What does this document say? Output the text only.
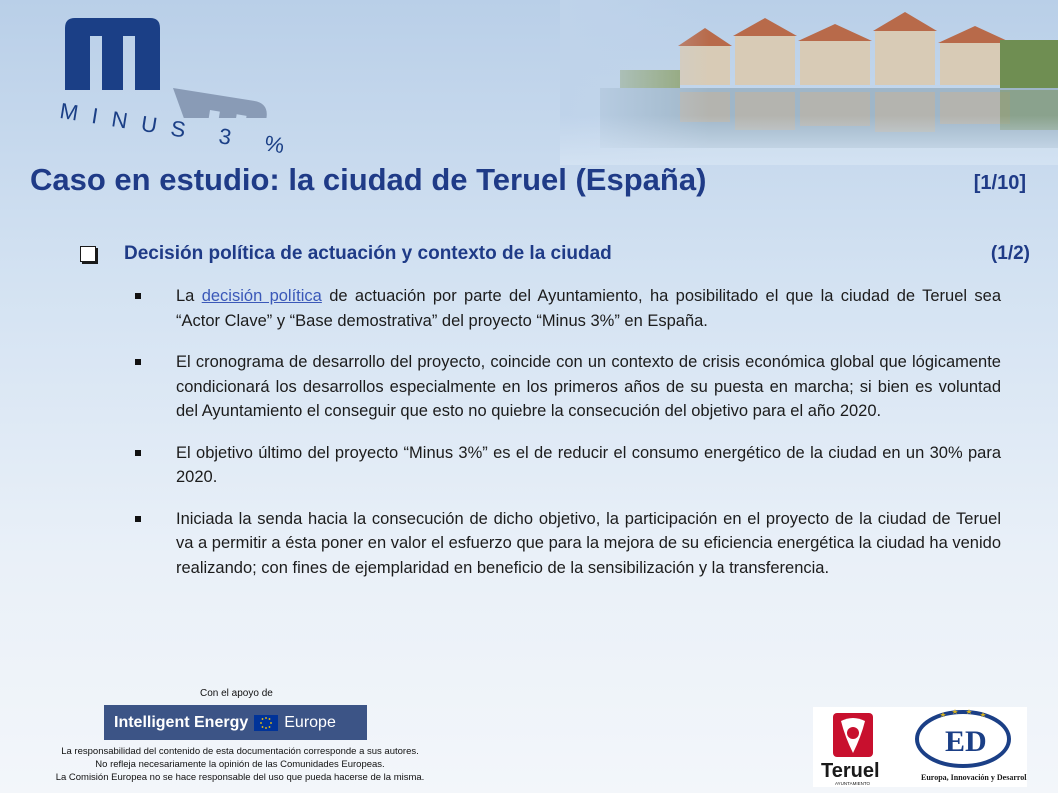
MINUS 3 %
Caso en estudio: la ciudad de Teruel (España)	[1/10]
Decisión política de actuación y contexto de la ciudad	(1/2)
La decisión política de actuación por parte del Ayuntamiento, ha posibilitado el que la ciudad de Teruel sea “Actor Clave” y “Base demostrativa” del proyecto “Minus 3%” en España.
El cronograma de desarrollo del proyecto, coincide con un contexto de crisis económica global que lógicamente condicionará los desarrollos especialmente en los primeros años de su puesta en marcha; si bien es voluntad del Ayuntamiento el conseguir que esto no quiebre la consecución del objetivo para el año 2020.
El objetivo último del proyecto “Minus 3%” es el de reducir el consumo energético de la ciudad en un 30% para 2020.
Iniciada la senda hacia la consecución de dicho objetivo, la participación en el proyecto de la ciudad de Teruel va a permitir a ésta poner en valor el esfuerzo que para la mejora de su eficiencia energética la ciudad ha venido realizando; con fines de ejemplaridad en beneficio de la sensibilización y la transferencia.
Con el apoyo de
Intelligent Energy Europe
La responsabilidad del contenido de esta documentación corresponde a sus autores.
No refleja necesariamente la opinión de las Comunidades Europeas.
La Comisión Europea no se hace responsable del uso que pueda hacerse de la misma.	Teruel
AYUNTAMIENTO
ED
Europa, Innovación y Desarrollo
